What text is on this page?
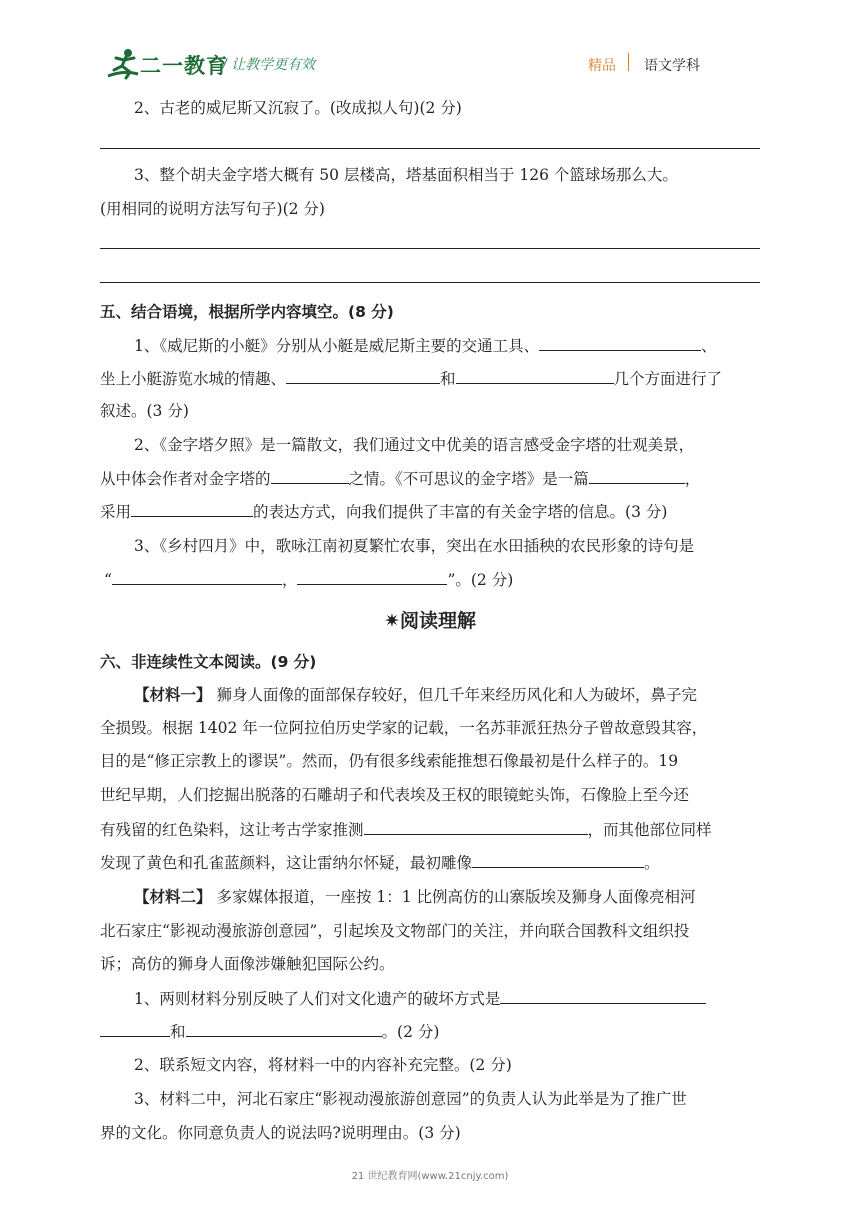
二一教育
/ 让教学更有效	精品 语文学科
2、古老的威尼斯又沉寂了。(改成拟人句)(2 分)
3、整个胡夫金字塔大概有 50 层楼高，塔基面积相当于 126 个篮球场那么大。
(用相同的说明方法写句子)(2 分)
五、结合语境，根据所学内容填空。(8 分)
1、《威尼斯的小艇》分别从小艇是威尼斯主要的交通工具、	、
坐上小艇游览水城的情趣、	和	几个方面进行了
叙述。(3 分)
2、《金字塔夕照》是一篇散文，我们通过文中优美的语言感受金字塔的壮观美景，
从中体会作者对金字塔的	之情。《不可思议的金字塔》是一篇	，
采用	的表达方式，向我们提供了丰富的有关金字塔的信息。(3 分)
3、《乡村四月》中，歌咏江南初夏繁忙农事，突出在水田插秧的农民形象的诗句是
“	，	”。(2 分)
✷阅读理解
六、非连续性文本阅读。(9 分)
【材料一】 狮身人面像的面部保存较好，但几千年来经历风化和人为破坏，鼻子完
全损毁。根据 1402 年一位阿拉伯历史学家的记载，一名苏菲派狂热分子曾故意毁其容，
目的是“修正宗教上的谬误”。然而，仍有很多线索能推想石像最初是什么样子的。19
世纪早期，人们挖掘出脱落的石雕胡子和代表埃及王权的眼镜蛇头饰，石像脸上至今还
有残留的红色染料，这让考古学家推测	，而其他部位同样
发现了黄色和孔雀蓝颜料，这让雷纳尔怀疑，最初雕像	。
【材料二】 多家媒体报道，一座按 1：1 比例高仿的山寨版埃及狮身人面像亮相河
北石家庄“影视动漫旅游创意园”，引起埃及文物部门的关注，并向联合国教科文组织投
诉；高仿的狮身人面像涉嫌触犯国际公约。
1、两则材料分别反映了人们对文化遗产的破坏方式是
和	。(2 分)
2、联系短文内容，将材料一中的内容补充完整。(2 分)
3、材料二中，河北石家庄“影视动漫旅游创意园”的负责人认为此举是为了推广世
界的文化。你同意负责人的说法吗?说明理由。(3 分)
21 世纪教育网(www.21cnjy.com)
